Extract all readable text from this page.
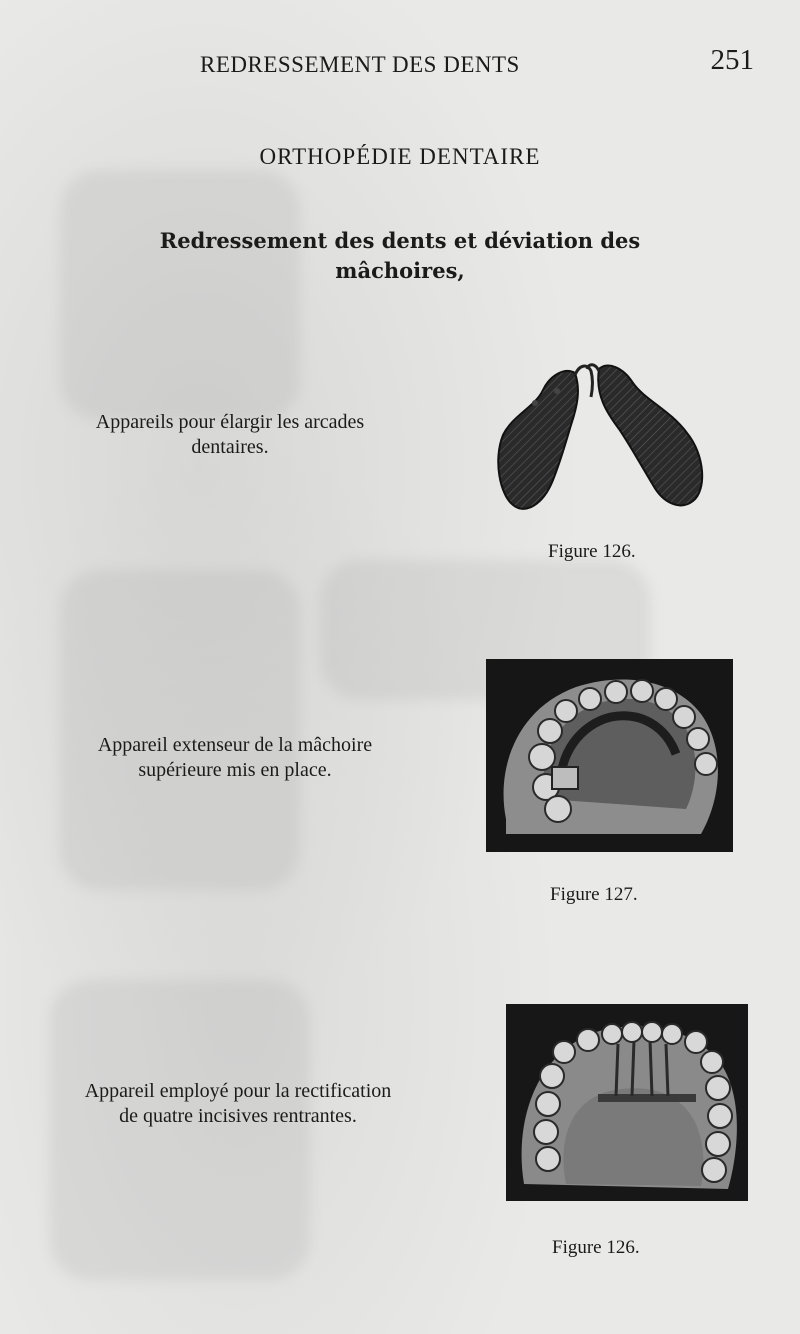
REDRESSEMENT DES DENTS	251
ORTHOPÉDIE DENTAIRE
Redressement des dents et déviation des
mâchoires,
Appareils pour élargir les arcades
dentaires.
Figure 126.
Appareil extenseur de la mâchoire
supérieure mis en place.
Figure 127.
Appareil employé pour la rectification
de quatre incisives rentrantes.
Figure 126.
